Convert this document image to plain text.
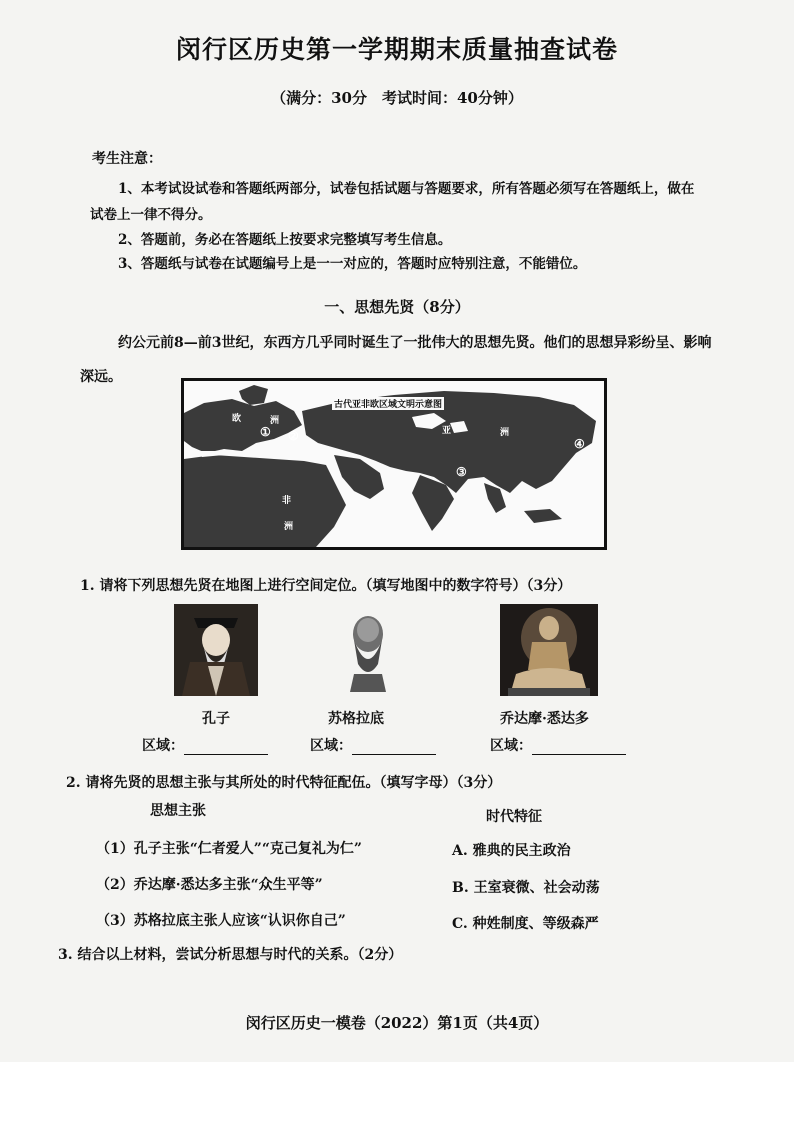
闵行区历史第一学期期末质量抽查试卷
（满分：30分　考试时间：40分钟）
考生注意：
1、本考试设试卷和答题纸两部分，试卷包括试题与答题要求，所有答题必须写在答题纸上，做在
试卷上一律不得分。
2、答题前，务必在答题纸上按要求完整填写考生信息。
3、答题纸与试卷在试题编号上是一一对应的，答题时应特别注意，不能错位。
一、思想先贤（8分）
约公元前8—前3世纪，东西方几乎同时诞生了一批伟大的思想先贤。他们的思想异彩纷呈、影响
深远。
古代亚非欧区域文明示意图
欧	洲
亚	洲
非
洲
① ②
③
④
1. 请将下列思想先贤在地图上进行空间定位。（填写地图中的数字符号）（3分）
孔子	苏格拉底	乔达摩·悉达多
区域：	区域：	区域：
2. 请将先贤的思想主张与其所处的时代特征配伍。（填写字母）（3分）
思想主张	时代特征
（1）孔子主张“仁者爱人”“克己复礼为仁”
（2）乔达摩·悉达多主张“众生平等”
（3）苏格拉底主张人应该“认识你自己”
A. 雅典的民主政治
B. 王室衰微、社会动荡
C. 种姓制度、等级森严
3. 结合以上材料，尝试分析思想与时代的关系。（2分）
闵行区历史一模卷（2022）第1页（共4页）
